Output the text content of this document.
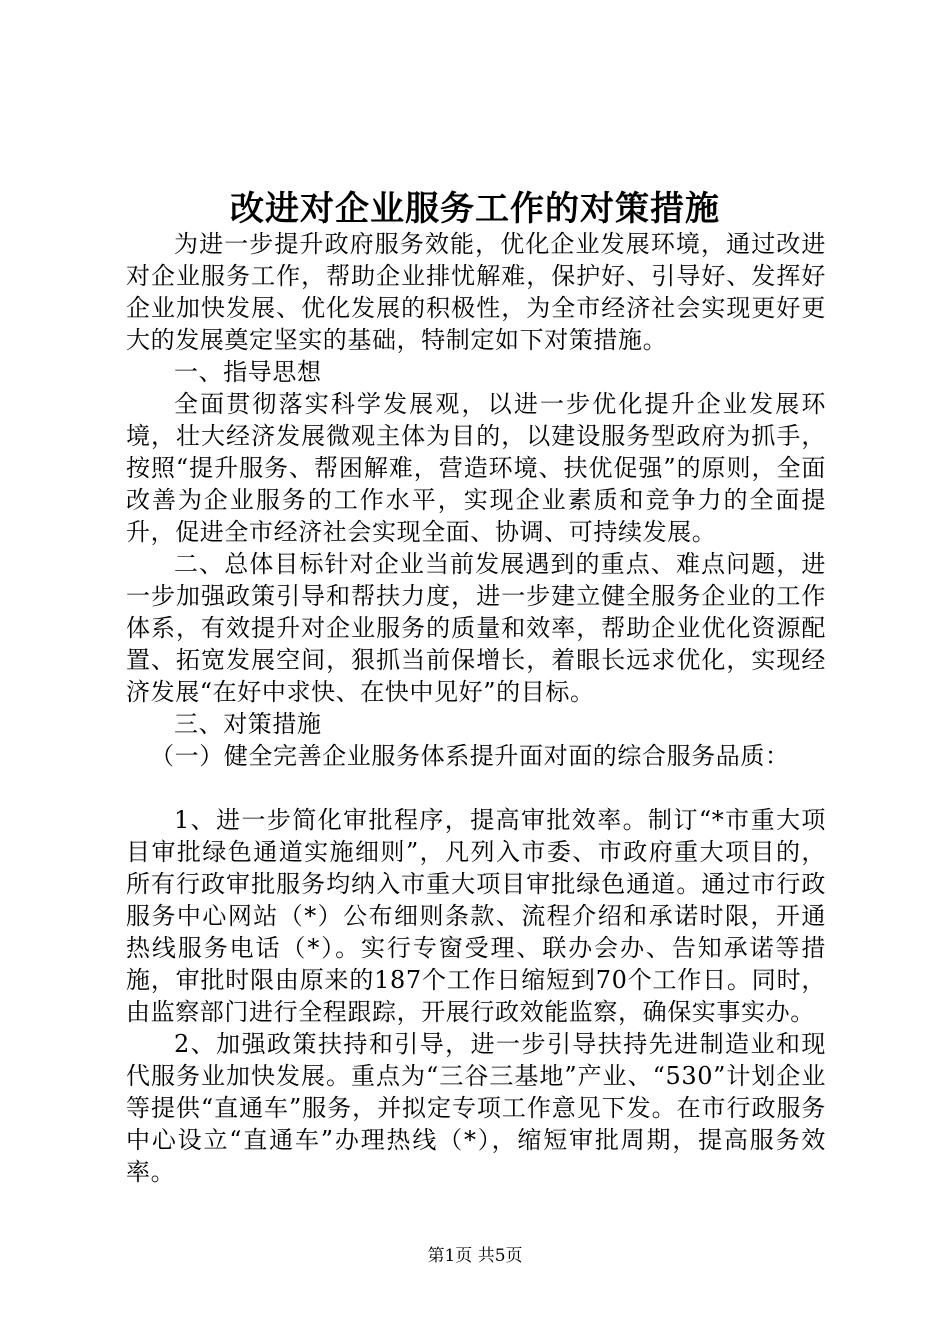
改进对企业服务工作的对策措施

为进一步提升政府服务效能，优化企业发展环境，通过改进对企业服务工作，帮助企业排忧解难，保护好、引导好、发挥好企业加快发展、优化发展的积极性，为全市经济社会实现更好更大的发展奠定坚实的基础，特制定如下对策措施。

一、指导思想

全面贯彻落实科学发展观，以进一步优化提升企业发展环境，壮大经济发展微观主体为目的，以建设服务型政府为抓手，按照“提升服务、帮困解难，营造环境、扶优促强”的原则，全面改善为企业服务的工作水平，实现企业素质和竞争力的全面提升，促进全市经济社会实现全面、协调、可持续发展。

二、总体目标针对企业当前发展遇到的重点、难点问题，进一步加强政策引导和帮扶力度，进一步建立健全服务企业的工作体系，有效提升对企业服务的质量和效率，帮助企业优化资源配置、拓宽发展空间，狠抓当前保增长，着眼长远求优化，实现经济发展“在好中求快、在快中见好”的目标。

三、对策措施

（一）健全完善企业服务体系提升面对面的综合服务品质：

1、进一步简化审批程序，提高审批效率。制订“*市重大项目审批绿色通道实施细则”，凡列入市委、市政府重大项目的，所有行政审批服务均纳入市重大项目审批绿色通道。通过市行政服务中心网站（*）公布细则条款、流程介绍和承诺时限，开通热线服务电话（*）。实行专窗受理、联办会办、告知承诺等措施，审批时限由原来的187个工作日缩短到70个工作日。同时，由监察部门进行全程跟踪，开展行政效能监察，确保实事实办。

2、加强政策扶持和引导，进一步引导扶持先进制造业和现代服务业加快发展。重点为“三谷三基地”产业、“530”计划企业等提供“直通车”服务，并拟定专项工作意见下发。在市行政服务中心设立“直通车”办理热线（*），缩短审批周期，提高服务效率。

第1页 共5页
